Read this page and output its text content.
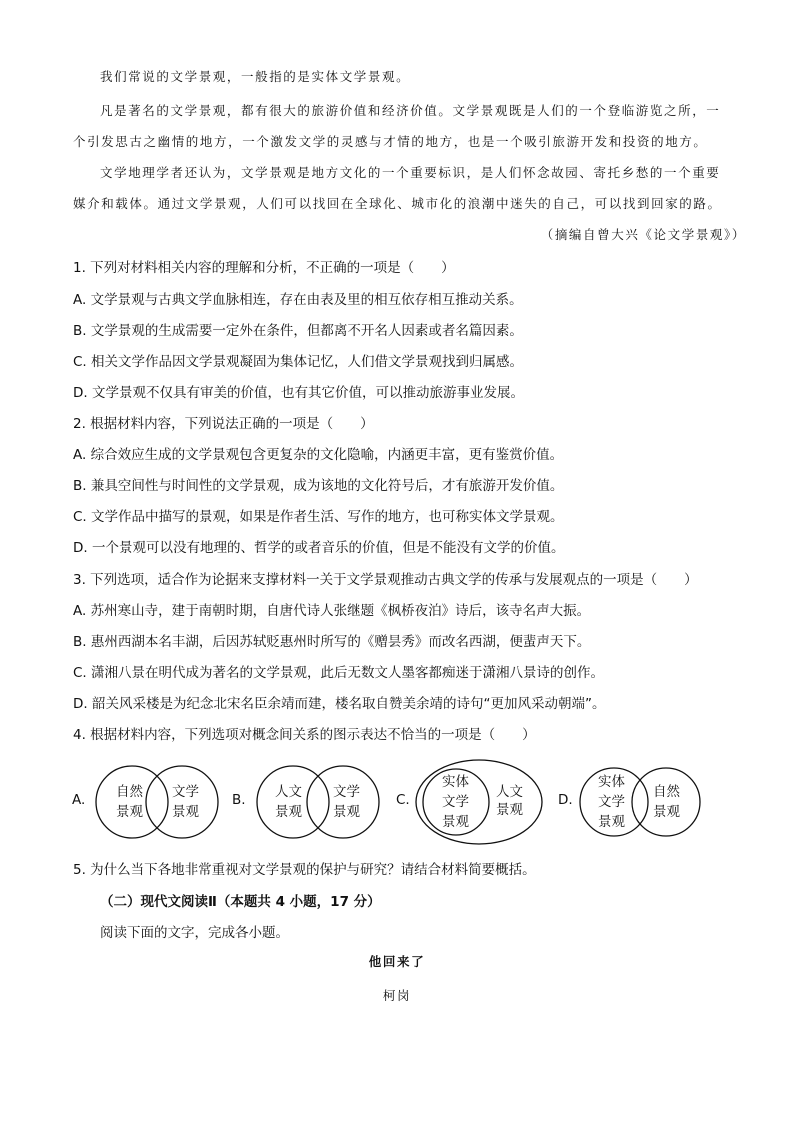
我们常说的文学景观，一般指的是实体文学景观。
凡是著名的文学景观，都有很大的旅游价值和经济价值。文学景观既是人们的一个登临游览之所，一
个引发思古之幽情的地方，一个激发文学的灵感与才情的地方，也是一个吸引旅游开发和投资的地方。
文学地理学者还认为，文学景观是地方文化的一个重要标识，是人们怀念故园、寄托乡愁的一个重要
媒介和载体。通过文学景观，人们可以找回在全球化、城市化的浪潮中迷失的自己，可以找到回家的路。
（摘编自曾大兴《论文学景观》）
1. 下列对材料相关内容的理解和分析，不正确的一项是（　　）
A. 文学景观与古典文学血脉相连，存在由表及里的相互依存相互推动关系。
B. 文学景观的生成需要一定外在条件，但都离不开名人因素或者名篇因素。
C. 相关文学作品因文学景观凝固为集体记忆，人们借文学景观找到归属感。
D. 文学景观不仅具有审美的价值，也有其它价值，可以推动旅游事业发展。
2. 根据材料内容，下列说法正确的一项是（　　）
A. 综合效应生成的文学景观包含更复杂的文化隐喻，内涵更丰富，更有鉴赏价值。
B. 兼具空间性与时间性的文学景观，成为该地的文化符号后，才有旅游开发价值。
C. 文学作品中描写的景观，如果是作者生活、写作的地方，也可称实体文学景观。
D. 一个景观可以没有地理的、哲学的或者音乐的价值，但是不能没有文学的价值。
3. 下列选项，适合作为论据来支撑材料一关于文学景观推动古典文学的传承与发展观点的一项是（　　）
A. 苏州寒山寺，建于南朝时期，自唐代诗人张继题《枫桥夜泊》诗后，该寺名声大振。
B. 惠州西湖本名丰湖，后因苏轼贬惠州时所写的《赠昙秀》而改名西湖，便蜚声天下。
C. 潇湘八景在明代成为著名的文学景观，此后无数文人墨客都痴迷于潇湘八景诗的创作。
D. 韶关风采楼是为纪念北宋名臣余靖而建，楼名取自赞美余靖的诗句“更加风采动朝端”。
4. 根据材料内容，下列选项对概念间关系的图示表达不恰当的一项是（　　）
A. 自然
景观
文学
景观
B. 人文
景观
文学
景观
C.
实体
文学
景观
人文
景观
D.
实体
文学
景观
自然
景观
5. 为什么当下各地非常重视对文学景观的保护与研究？请结合材料简要概括。
（二）现代文阅读Ⅱ（本题共 4 小题，17 分）
阅读下面的文字，完成各小题。
他回来了
柯岗
